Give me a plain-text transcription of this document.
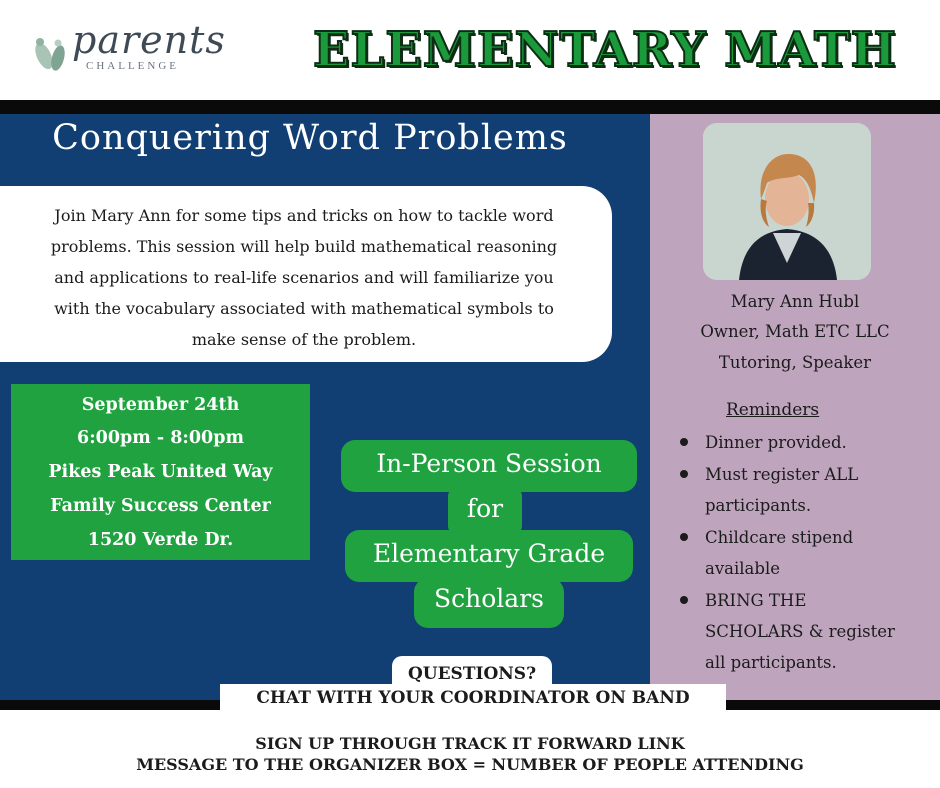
parents
CHALLENGE	ELEMENTARY MATH
Conquering Word Problems
Join Mary Ann for some tips and tricks on how to tackle word
problems. This session will help build mathematical reasoning
and applications to real-life scenarios and will familiarize you
with the vocabulary associated with mathematical symbols to
make sense of the problem.
September 24th
6:00pm - 8:00pm
Pikes Peak United Way
Family Success Center
1520 Verde Dr.
In-Person Session
for
Elementary Grade
Scholars
Mary Ann Hubl
Owner, Math ETC LLC
Tutoring, Speaker
Reminders
Dinner provided.
Must register ALL
participants.
Childcare stipend
available
BRING THE
SCHOLARS & register
all participants.
QUESTIONS?
CHAT WITH YOUR COORDINATOR ON BAND
SIGN UP THROUGH TRACK IT FORWARD LINK
MESSAGE TO THE ORGANIZER BOX = NUMBER OF PEOPLE ATTENDING
